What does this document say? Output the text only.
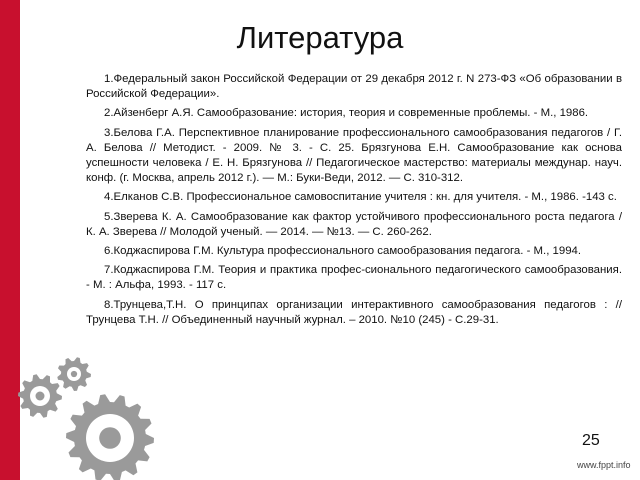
Литература

1.Федеральный закон Российской Федерации от 29 декабря 2012 г. N 273-ФЗ «Об образовании в Российской Федерации».

2.Айзенберг А.Я. Самообразование: история, теория и современные проблемы. - М., 1986.

3.Белова Г.А. Перспективное планирование профессионального самообразования педагогов / Г. А. Белова // Методист. - 2009. № 3. - С. 25. Брязгунова Е.Н. Самообразование как основа успешности человека / Е. Н. Брязгунова // Педагогическое мастерство: материалы междунар. науч. конф. (г. Москва, апрель 2012 г.). — М.: Буки-Веди, 2012. — С. 310-312.

4.Елканов С.В. Профессиональное самовоспитание учителя : кн. для учителя. - М., 1986. -143 с.

5.Зверева К. А. Самообразование как фактор устойчивого профессионального роста педагога / К. А. Зверева // Молодой ученый. — 2014. — №13. — С. 260-262.

6.Коджаспирова Г.М. Культура профессионального самообразования педагога. - М., 1994.

7.Коджаспирова Г.М. Теория и практика профес-сионального педагогического самообразования. - М. : Альфа, 1993. - 117 с.

8.Трунцева,Т.Н. О принципах организации интерактивного самообразования педагогов : //Трунцева Т.Н. // Объединенный научный журнал. – 2010. №10 (245) - С.29-31.

25
www.fppt.info
